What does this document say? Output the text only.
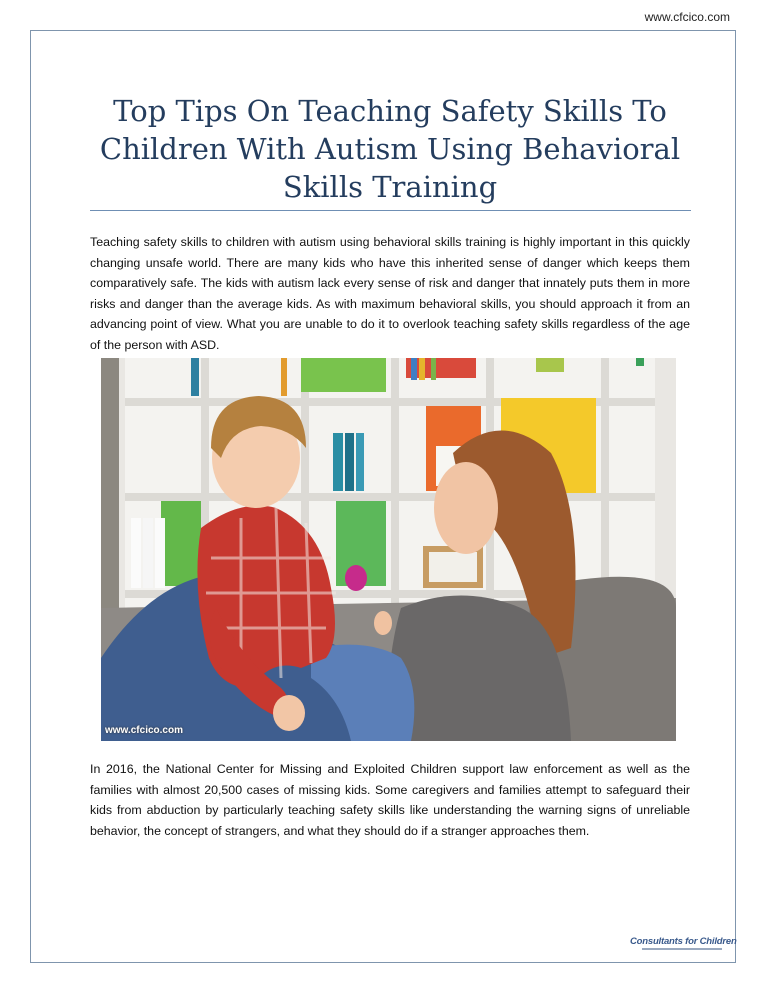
www.cfcico.com
Top Tips On Teaching Safety Skills To Children With Autism Using Behavioral Skills Training

Teaching safety skills to children with autism using behavioral skills training is highly important in this quickly changing unsafe world. There are many kids who have this inherited sense of danger which keeps them comparatively safe. The kids with autism lack every sense of risk and danger that innately puts them in more risks and danger than the average kids. As with maximum behavioral skills, you should approach it from an advancing point of view. What you are unable to do it to overlook teaching safety skills regardless of the age of the person with ASD.

www.cfcico.com

In 2016, the National Center for Missing and Exploited Children support law enforcement as well as the families with almost 20,500 cases of missing kids. Some caregivers and families attempt to safeguard their kids from abduction by particularly teaching safety skills like understanding the warning signs of unreliable behavior, the concept of strangers, and what they should do if a stranger approaches them.

Consultants for Children
